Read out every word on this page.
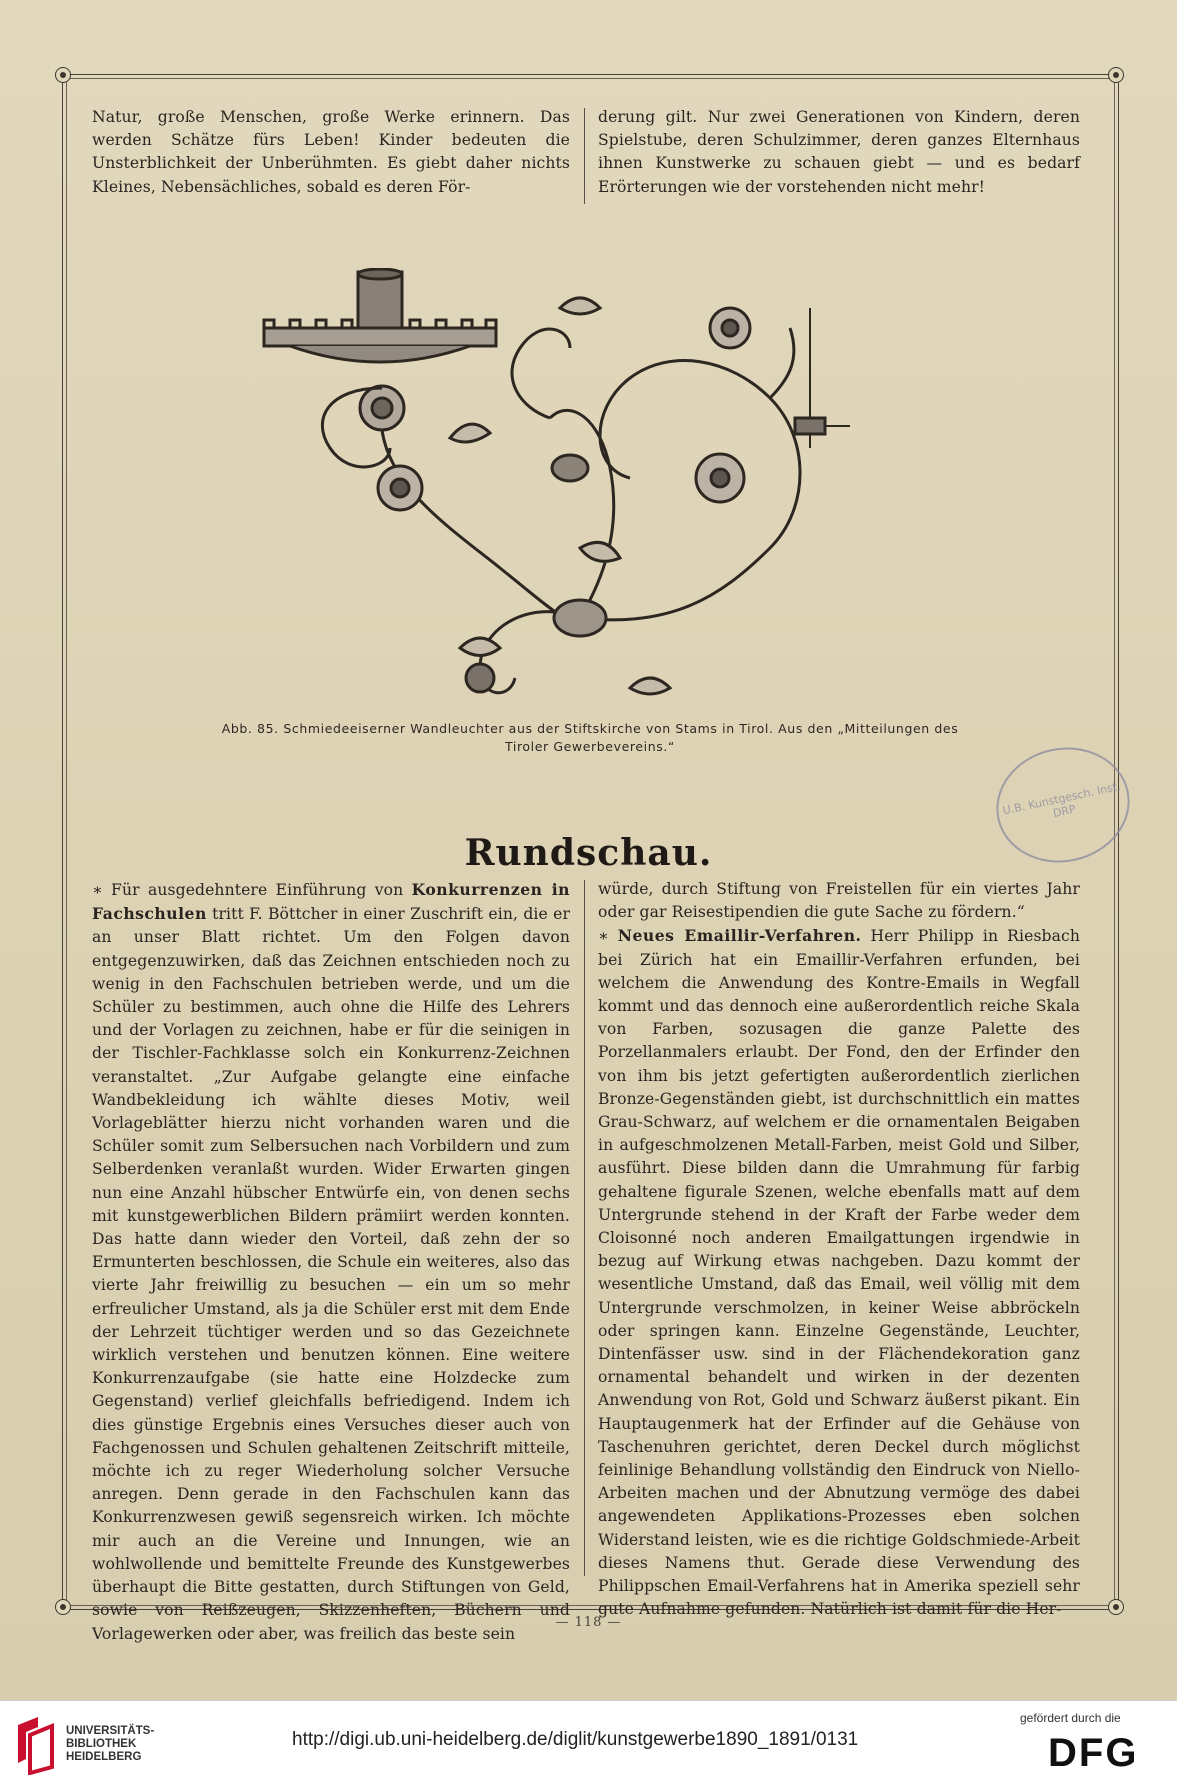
Natur, große Menschen, große Werke erinnern. Das werden Schätze fürs Leben! Kinder bedeuten die Unsterblichkeit der Unberühmten. Es giebt daher nichts Kleines, Nebensächliches, sobald es deren För-

derung gilt. Nur zwei Generationen von Kindern, deren Spielstube, deren Schulzimmer, deren ganzes Elternhaus ihnen Kunstwerke zu schauen giebt — und es bedarf Erörterungen wie der vorstehenden nicht mehr!

Abb. 85. Schmiedeeiserner Wandleuchter aus der Stiftskirche von Stams in Tirol. Aus den „Mitteilungen des Tiroler Gewerbevereins.“
U.B. Kunstgesch. Inst. DRP
Rundschau.

∗ Für ausgedehntere Einführung von Konkurrenzen in Fachschulen tritt F. Böttcher in einer Zuschrift ein, die er an unser Blatt richtet. Um den Folgen davon entgegenzuwirken, daß das Zeichnen entschieden noch zu wenig in den Fachschulen betrieben werde, und um die Schüler zu bestimmen, auch ohne die Hilfe des Lehrers und der Vorlagen zu zeichnen, habe er für die seinigen in der Tischler-Fachklasse solch ein Konkurrenz-Zeichnen veranstaltet. „Zur Aufgabe gelangte eine einfache Wandbekleidung ich wählte dieses Motiv, weil Vorlageblätter hierzu nicht vorhanden waren und die Schüler somit zum Selbersuchen nach Vorbildern und zum Selberdenken veranlaßt wurden. Wider Erwarten gingen nun eine Anzahl hübscher Entwürfe ein, von denen sechs mit kunstgewerblichen Bildern prämiirt werden konnten. Das hatte dann wieder den Vorteil, daß zehn der so Ermunterten beschlossen, die Schule ein weiteres, also das vierte Jahr freiwillig zu besuchen — ein um so mehr erfreulicher Umstand, als ja die Schüler erst mit dem Ende der Lehrzeit tüchtiger werden und so das Gezeichnete wirklich verstehen und benutzen können. Eine weitere Konkurrenzaufgabe (sie hatte eine Holzdecke zum Gegenstand) verlief gleichfalls befriedigend. Indem ich dies günstige Ergebnis eines Versuches dieser auch von Fachgenossen und Schulen gehaltenen Zeitschrift mitteile, möchte ich zu reger Wiederholung solcher Versuche anregen. Denn gerade in den Fachschulen kann das Konkurrenzwesen gewiß segensreich wirken. Ich möchte mir auch an die Vereine und Innungen, wie an wohlwollende und bemittelte Freunde des Kunstgewerbes überhaupt die Bitte gestatten, durch Stiftungen von Geld, sowie von Reißzeugen, Skizzenheften, Büchern und Vorlagewerken oder aber, was freilich das beste sein

würde, durch Stiftung von Freistellen für ein viertes Jahr oder gar Reisestipendien die gute Sache zu fördern.“

∗ Neues Emaillir-Verfahren. Herr Philipp in Riesbach bei Zürich hat ein Emaillir-Verfahren erfunden, bei welchem die Anwendung des Kontre-Emails in Wegfall kommt und das dennoch eine außerordentlich reiche Skala von Farben, sozusagen die ganze Palette des Porzellanmalers erlaubt. Der Fond, den der Erfinder den von ihm bis jetzt gefertigten außerordentlich zierlichen Bronze-Gegenständen giebt, ist durchschnittlich ein mattes Grau-Schwarz, auf welchem er die ornamentalen Beigaben in aufgeschmolzenen Metall-Farben, meist Gold und Silber, ausführt. Diese bilden dann die Umrahmung für farbig gehaltene figurale Szenen, welche ebenfalls matt auf dem Untergrunde stehend in der Kraft der Farbe weder dem Cloisonné noch anderen Emailgattungen irgendwie in bezug auf Wirkung etwas nachgeben. Dazu kommt der wesentliche Umstand, daß das Email, weil völlig mit dem Untergrunde verschmolzen, in keiner Weise abbröckeln oder springen kann. Einzelne Gegenstände, Leuchter, Dintenfässer usw. sind in der Flächendekoration ganz ornamental behandelt und wirken in der dezenten Anwendung von Rot, Gold und Schwarz äußerst pikant. Ein Hauptaugenmerk hat der Erfinder auf die Gehäuse von Taschenuhren gerichtet, deren Deckel durch möglichst feinlinige Behandlung vollständig den Eindruck von Niello-Arbeiten machen und der Abnutzung vermöge des dabei angewendeten Applikations-Prozesses eben solchen Widerstand leisten, wie es die richtige Goldschmiede-Arbeit dieses Namens thut. Gerade diese Verwendung des Philippschen Email-Verfahrens hat in Amerika speziell sehr gute Aufnahme gefunden. Natürlich ist damit für die Her-

— 118 —
UNIVERSITÄTS-
BIBLIOTHEK
HEIDELBERG
http://digi.ub.uni-heidelberg.de/diglit/kunstgewerbe1890_1891/0131
gefördert durch die
DFG
